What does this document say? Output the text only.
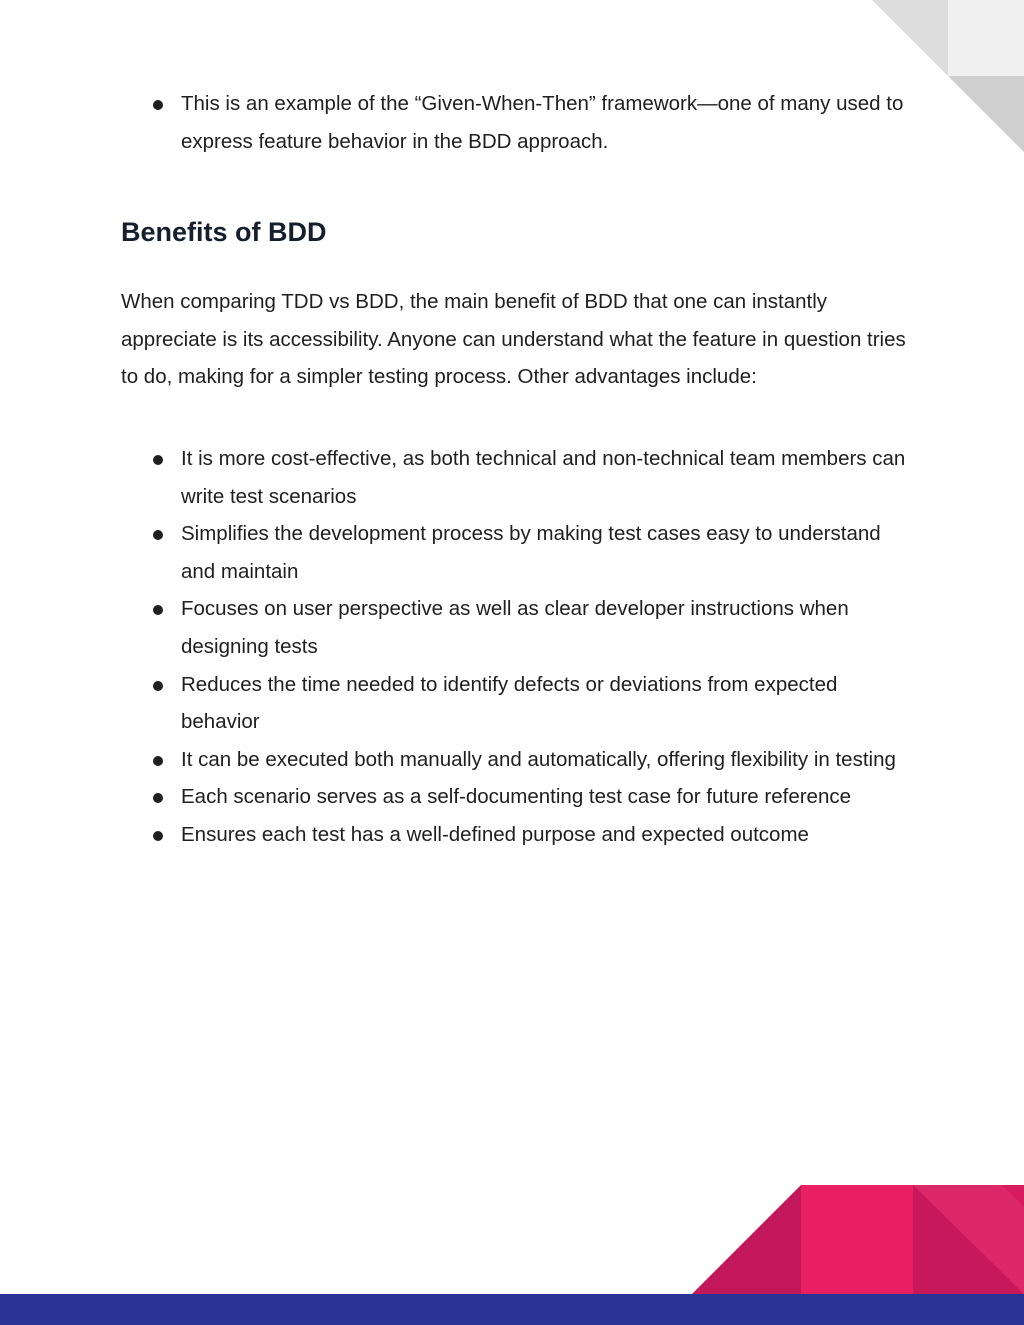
This is an example of the “Given-When-Then” framework—one of many used to express feature behavior in the BDD approach.
Benefits of BDD

When comparing TDD vs BDD, the main benefit of BDD that one can instantly appreciate is its accessibility. Anyone can understand what the feature in question tries to do, making for a simpler testing process. Other advantages include:

It is more cost-effective, as both technical and non-technical team members can write test scenarios
Simplifies the development process by making test cases easy to understand and maintain
Focuses on user perspective as well as clear developer instructions when designing tests
Reduces the time needed to identify defects or deviations from expected behavior
It can be executed both manually and automatically, offering flexibility in testing
Each scenario serves as a self-documenting test case for future reference
Ensures each test has a well-defined purpose and expected outcome
